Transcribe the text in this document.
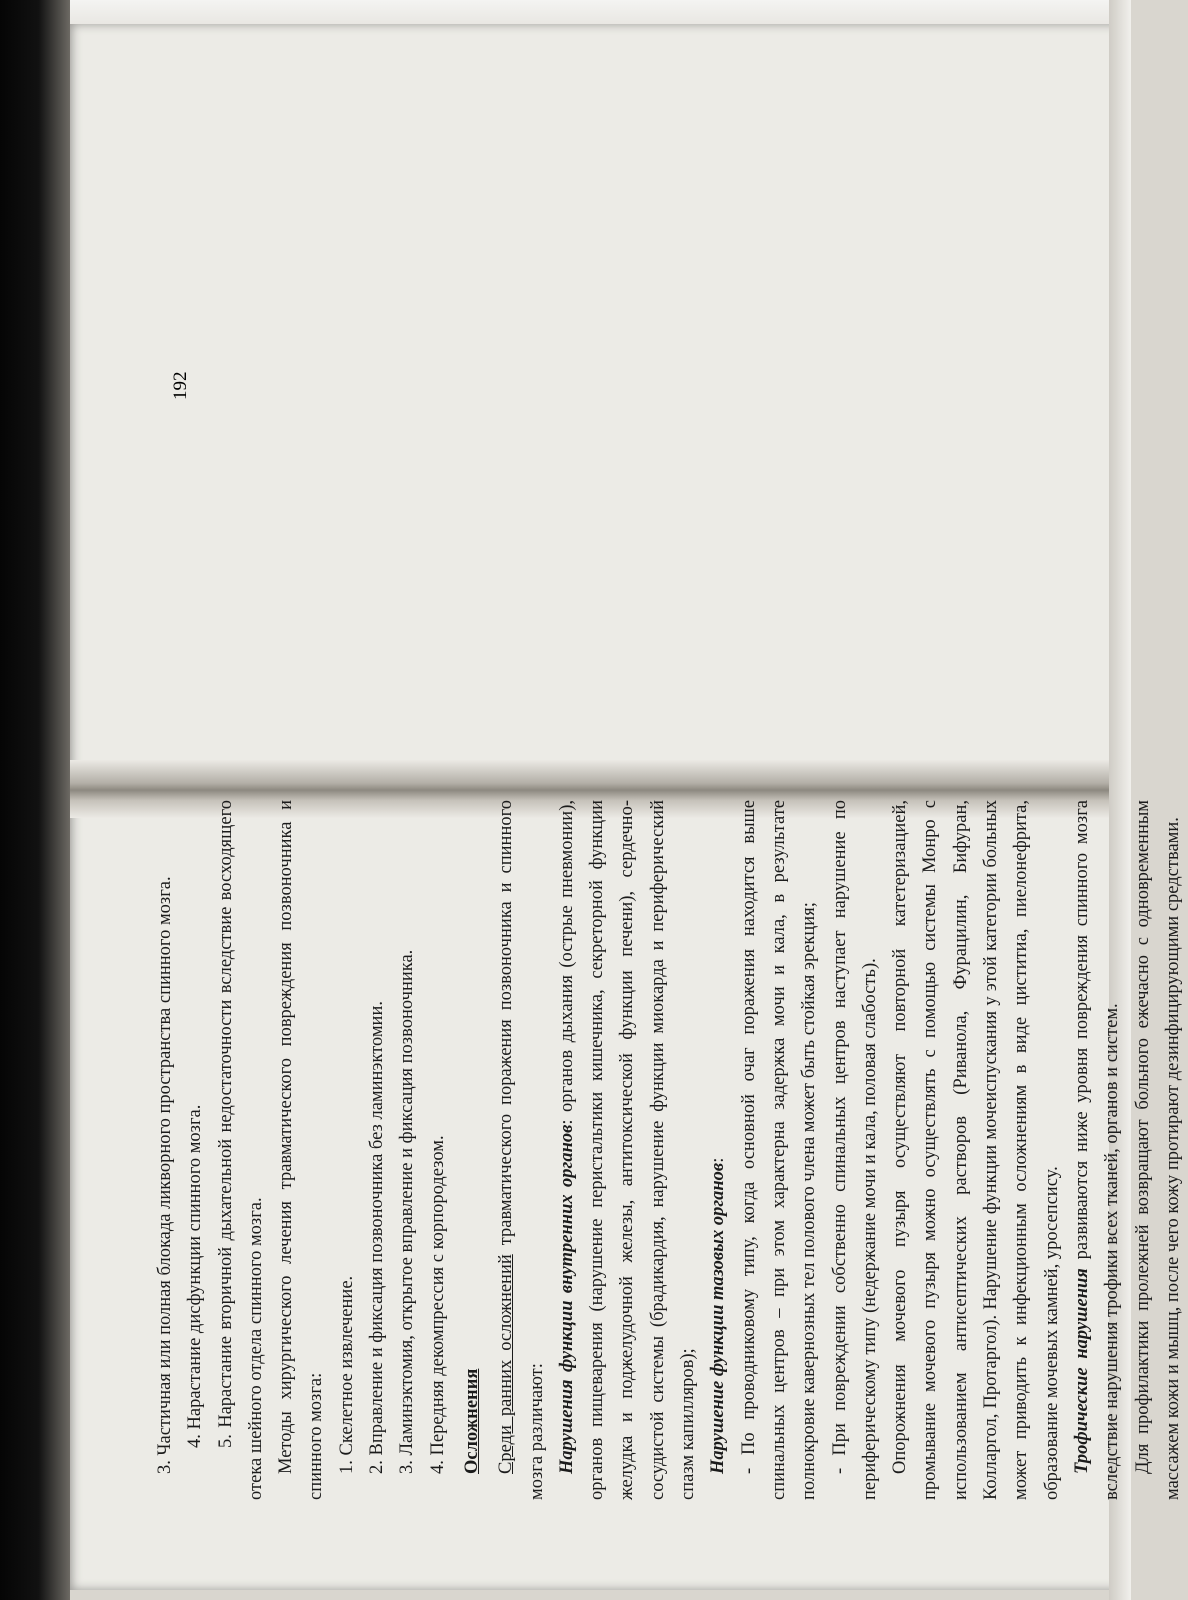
3. Частичная или полная блокада ликворного пространства спинного мозга. 4. Нарастание дисфункции спинного мозга. 5. Нарастание вторичной дыхательной недостаточности вследствие восходящего отека шейного отдела спинного мозга. Методы хирургического лечения травматического повреждения позвоночника и спинного мозга: 1. Скелетное извлечение. 2. Вправление и фиксация позвоночника без ламинэктомии. 3. Ламинэктомия, открытое вправление и фиксация позвоночника. 4. Передняя декомпрессия с корпородезом. Осложнения Среди ранних осложнений травматического поражения позвоночника и спинного мозга различают: Нарушения функции внутренних органов: органов дыхания (острые пневмонии), органов пищеварения (нарушение перистальтики кишечника, секреторной функции желудка и поджелудочной железы, антитоксической функции печени), сердечно-сосудистой системы (брадикардия, нарушение функции миокарда и периферический спазм капилляров); Нарушение функции тазовых органов: - По проводниковому типу, когда основной очаг поражения находится выше спинальных центров – при этом характерна задержка мочи и кала, в результате полнокровие кавернозных тел полового члена может быть стойкая эрекция; - При повреждении собственно спинальных центров наступает нарушение по периферическому типу (недержание мочи и кала, половая слабость). Опорожнения мочевого пузыря осуществляют повторной катетеризацией, промывание мочевого пузыря можно осуществлять с помощью системы Монро с использованием антисептических растворов (Риванола, Фурацилин, Бифуран, Колларгол, Протаргол). Нарушение функции мочеиспускания у этой категории больных может приводить к инфекционным осложнениям в виде циститиа, пиелонефрита, образование мочевых камней, уросепсису. Трофические нарушения развиваются ниже уровня повреждения спинного мозга вследствие нарушения трофики всех тканей, органов и систем. Для профилактики пролежней возвращают больного ежечасно с одновременным массажем кожи и мышц, после чего кожу протирают дезинфицирующими средствами.

192
